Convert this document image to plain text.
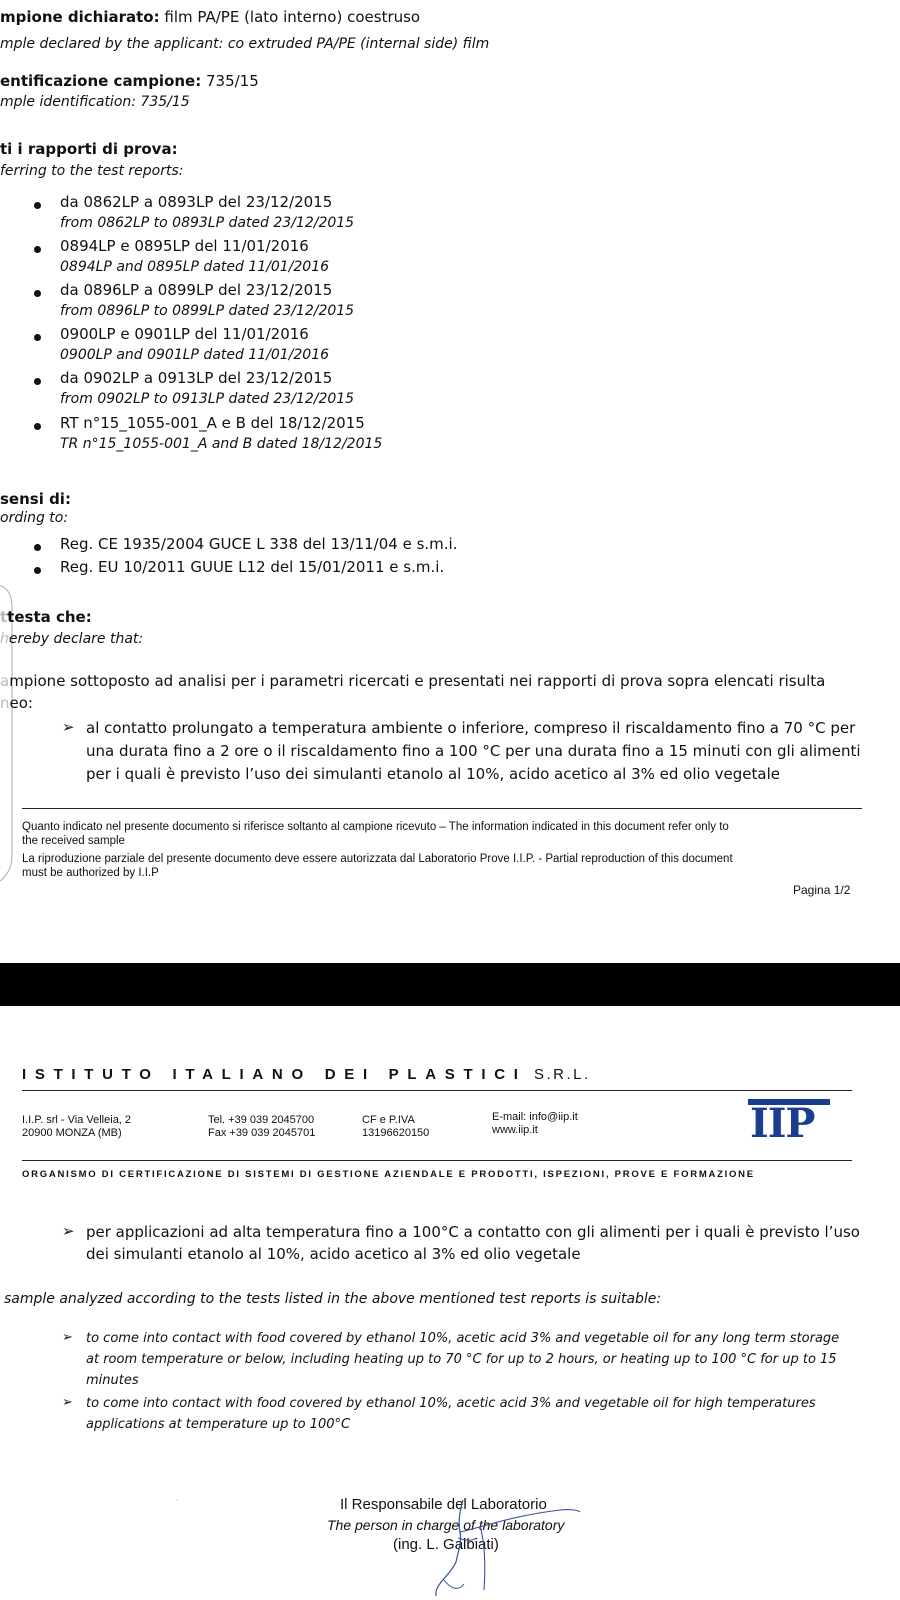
mpione dichiarato: film PA/PE (lato interno) coestruso
mple declared by the applicant: co extruded PA/PE (internal side) film
entificazione campione: 735/15
mple identification: 735/15
ti i rapporti di prova:
ferring to the test reports:
da 0862LP a 0893LP del 23/12/2015
from 0862LP to 0893LP dated 23/12/2015
0894LP e 0895LP del 11/01/2016
0894LP and 0895LP dated 11/01/2016
da 0896LP a 0899LP del 23/12/2015
from 0896LP to 0899LP dated 23/12/2015
0900LP e 0901LP del 11/01/2016
0900LP and 0901LP dated 11/01/2016
da 0902LP a 0913LP del 23/12/2015
from 0902LP to 0913LP dated 23/12/2015
RT n°15_1055-001_A e B del 18/12/2015
TR n°15_1055-001_A and B dated 18/12/2015
sensi di:
ording to:
Reg. CE 1935/2004 GUCE L 338 del 13/11/04 e s.m.i.
Reg. EU 10/2011 GUUE L12 del 15/01/2011 e s.m.i.
ttesta che:
hereby declare that:
ampione sottoposto ad analisi per i parametri ricercati e presentati nei rapporti di prova sopra elencati risulta
neo:
➢ al contatto prolungato a temperatura ambiente o inferiore, compreso il riscaldamento fino a 70 °C per
una durata fino a 2 ore o il riscaldamento fino a 100 °C per una durata fino a 15 minuti con gli alimenti
per i quali è previsto l’uso dei simulanti etanolo al 10%, acido acetico al 3% ed olio vegetale
Quanto indicato nel presente documento si riferisce soltanto al campione ricevuto – The information indicated in this document refer only to
the received sample
La riproduzione parziale del presente documento deve essere autorizzata dal Laboratorio Prove I.I.P. - Partial reproduction of this document
must be authorized by I.I.P
Pagina 1/2
ISTITUTO ITALIANO DEI PLASTICI S.R.L.
I.I.P. srl - Via Velleia, 2
20900 MONZA (MB)
Tel. +39 039 2045700
Fax +39 039 2045701
CF e P.IVA
13196620150
E-mail: info@iip.it
www.iip.it	IIP
ORGANISMO DI CERTIFICAZIONE DI SISTEMI DI GESTIONE AZIENDALE E PRODOTTI, ISPEZIONI, PROVE E FORMAZIONE
➢ per applicazioni ad alta temperatura fino a 100°C a contatto con gli alimenti per i quali è previsto l’uso
dei simulanti etanolo al 10%, acido acetico al 3% ed olio vegetale
sample analyzed according to the tests listed in the above mentioned test reports is suitable:
➢ to come into contact with food covered by ethanol 10%, acetic acid 3% and vegetable oil for any long term storage
at room temperature or below, including heating up to 70 °C for up to 2 hours, or heating up to 100 °C for up to 15
minutes
➢ to come into contact with food covered by ethanol 10%, acetic acid 3% and vegetable oil for high temperatures
applications at temperature up to 100°C
·	Il Responsabile del Laboratorio
The person in charge of the laboratory
(ing. L. Galbiati)
